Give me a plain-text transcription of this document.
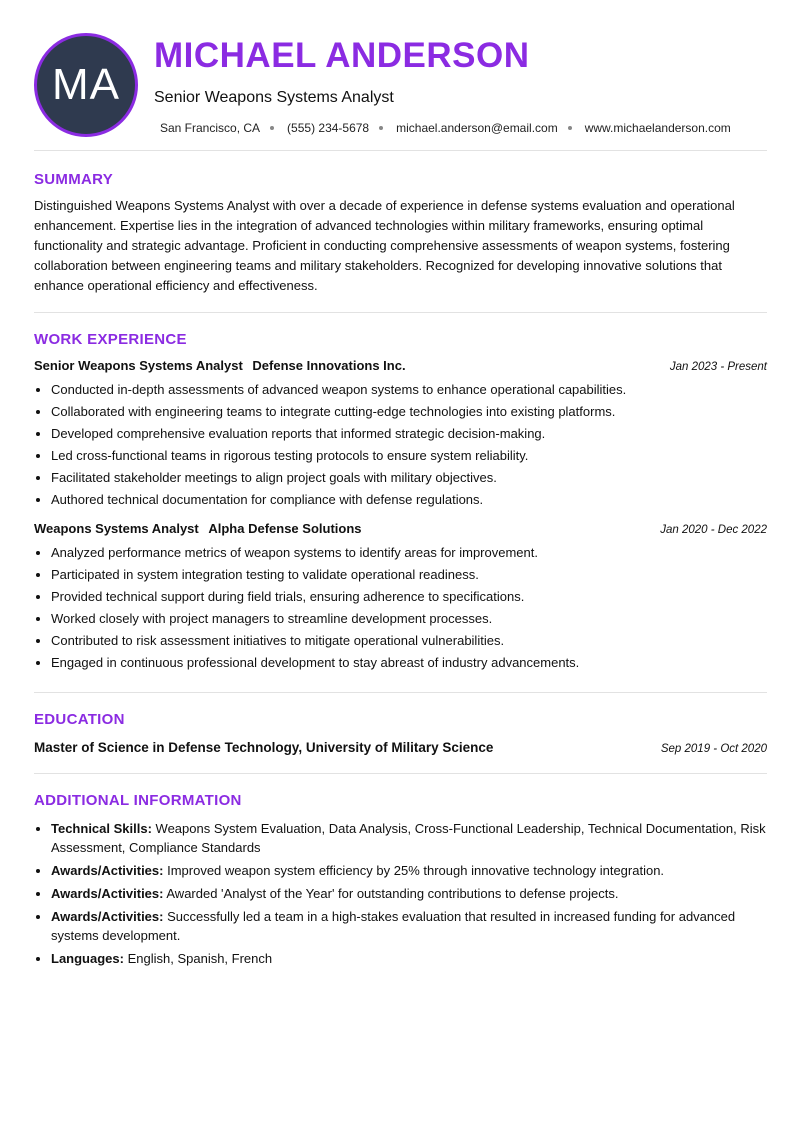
MA
MICHAEL ANDERSON
Senior Weapons Systems Analyst
San Francisco, CA (555) 234-5678 michael.anderson@email.com www.michaelanderson.com
SUMMARY

Distinguished Weapons Systems Analyst with over a decade of experience in defense systems evaluation and operational enhancement. Expertise lies in the integration of advanced technologies within military frameworks, ensuring optimal functionality and strategic advantage. Proficient in conducting comprehensive assessments of weapon systems, fostering collaboration between engineering teams and military stakeholders. Recognized for developing innovative solutions that enhance operational efficiency and effectiveness.

WORK EXPERIENCE
Senior Weapons Systems Analyst Defense Innovations Inc.	Jan 2023 - Present
• Conducted in-depth assessments of advanced weapon systems to enhance operational capabilities.
• Collaborated with engineering teams to integrate cutting-edge technologies into existing platforms.
• Developed comprehensive evaluation reports that informed strategic decision-making.
• Led cross-functional teams in rigorous testing protocols to ensure system reliability.
• Facilitated stakeholder meetings to align project goals with military objectives.
• Authored technical documentation for compliance with defense regulations.
Weapons Systems Analyst Alpha Defense Solutions	Jan 2020 - Dec 2022
• Analyzed performance metrics of weapon systems to identify areas for improvement.
• Participated in system integration testing to validate operational readiness.
• Provided technical support during field trials, ensuring adherence to specifications.
• Worked closely with project managers to streamline development processes.
• Contributed to risk assessment initiatives to mitigate operational vulnerabilities.
• Engaged in continuous professional development to stay abreast of industry advancements.
EDUCATION
Master of Science in Defense Technology, University of Military Science	Sep 2019 - Oct 2020
ADDITIONAL INFORMATION
• Technical Skills: Weapons System Evaluation, Data Analysis, Cross-Functional Leadership, Technical Documentation, Risk Assessment, Compliance Standards
• Awards/Activities: Improved weapon system efficiency by 25% through innovative technology integration.
• Awards/Activities: Awarded 'Analyst of the Year' for outstanding contributions to defense projects.
• Awards/Activities: Successfully led a team in a high-stakes evaluation that resulted in increased funding for advanced systems development.
• Languages: English, Spanish, French
